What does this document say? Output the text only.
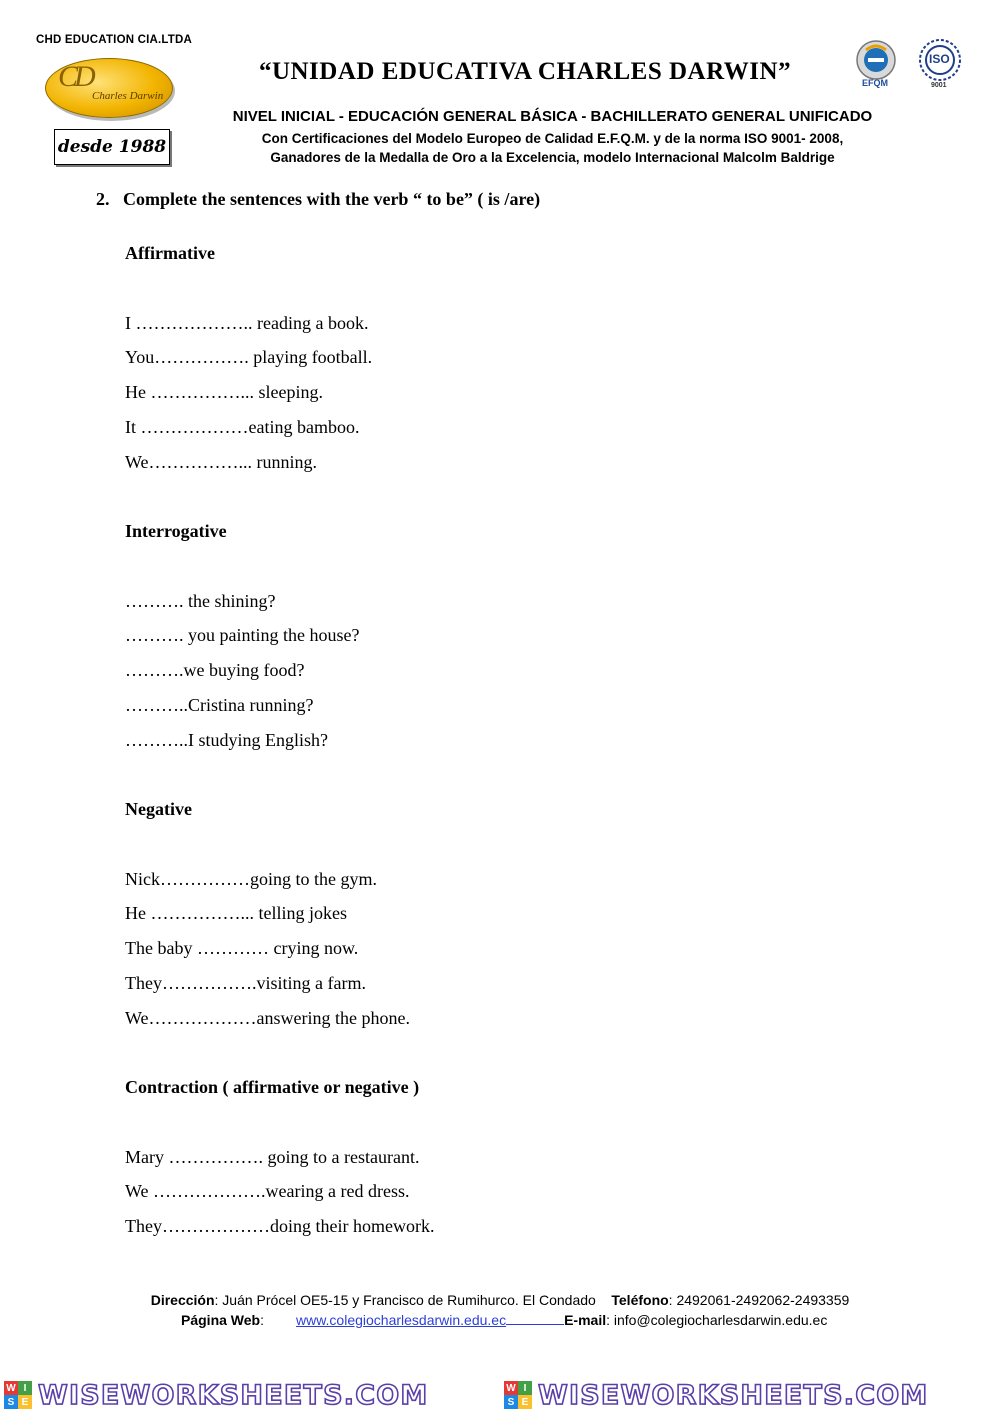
CHD EDUCATION CIA.LTDA
CD
Charles Darwin
desde 1988
“UNIDAD EDUCATIVA CHARLES DARWIN”
NIVEL INICIAL - EDUCACIÓN GENERAL BÁSICA - BACHILLERATO GENERAL UNIFICADO
Con Certificaciones del Modelo Europeo de Calidad E.F.Q.M. y de la norma ISO 9001- 2008,
Ganadores de la Medalla de Oro a la Excelencia, modelo Internacional Malcolm Baldrige
EFQM
ISO
9001
2. Complete the sentences with the verb “ to be” ( is /are)
Affirmative
I ……………….. reading a book.
You……………. playing football.
He ……………... sleeping.
It ………………eating bamboo.
We……………... running.
Interrogative
………. the shining?
………. you painting the house?
……….we buying food?
………..Cristina running?
………..I studying English?
Negative
Nick……………going to the gym.
He ……………... telling jokes
The baby ………… crying now.
They…………….visiting a farm.
We………………answering the phone.
Contraction ( affirmative or negative )
Mary ……………. going to a restaurant.
We ……………….wearing a red dress.
They………………doing their homework.
Dirección: Juán Prócel OE5-15 y Francisco de Rumihurco. El Condado Teléfono: 2492061-2492062-2493359
Página Web: www.colegiocharlesdarwin.edu.ec	E-mail: info@colegiocharlesdarwin.edu.ec
W I
S E WISEWORKSHEETS.COM	W I
S E WISEWORKSHEETS.COM
